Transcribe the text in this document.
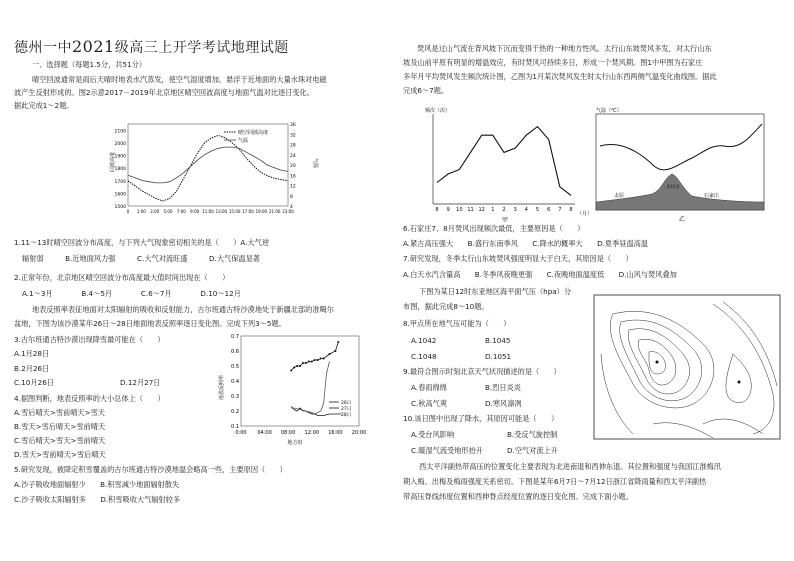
德州一中2021级高三上开学考试地理试题
一、选择题（每题1.5分，共51分）
晴空回波通常是雨后天晴时地表水汽蒸发，使空气湿度增加，悬浮于近地面的大量水珠对电磁
波产生反射形成的。图2示意2017－2019年北京地区晴空回波高度与地面气温对比逐日变化。
据此完成1～2题。
1500
1600
1700
1800
1900
2000
2100
4
8
12
16
20
24
28
32
36
0 1:00 3:00 5:00 7:00 9:00 11:00 13:00 15:00 17:00 19:00 21:00 23:00
晴空回波高度
气温
回波高度	气温
1.11～13时晴空回波分布高度，与下列大气现象密切相关的是（　　）A.大气逆
辐射弱　　　B.近地面风力强　　　C.大气对流旺盛　　　D.大气保温显著
2.正常年份，北京地区晴空回波分布高度最大值时间出现在（　　）
A.1～3月　　　　B.4～5月　　　　C.6～7月　　　　D.10～12月
地表反照率表征地面对太阳辐射的吸收和反射能力，古尔班通古特沙漠地处于新疆北部的准噶尔
盆地，下图为该沙漠某年26日～28日地面地表反照率逐日变化图。完成下列3～5题。
3.古尔班通古特沙漠出现降雪最可能在（　　）
A.1月28日
B.2月26日
C.10月26日	D.12月27日
4.据图判断，地表反照率的大小总体上（　　）
A.雪后晴天>雪前晴天>雪天
B.雪天>雪后晴天>雪前晴天
C.雪后晴天>雪天>雪前晴天
D.雪天>雪前晴天>雪后晴天
0.1
0.2
0.3
0.4
0.5
0.6
0.7
0:00 04:00 08:00 12:00 16:00 20:00
26日
27日
28日
地表反照率
地方时
5.研究发现，被降定积雪覆盖的古尔班通古特沙漠地温会略高一些，主要原因（　　）
A.沙子吸收地面辐射少　　B.积雪减少地面辐射散失
C.沙子吸收太阳辐射多　　D.积雪吸收大气辐射较多
焚风是过山气流在背风坡下沉而变得干热的一种地方性风。太行山东坡焚风多发，对太行山东
坡及山前平原有明显的增温效应，有时焚风可持续多日，形成一个焚风期。图1中甲图为石家庄
多年月平均焚风发生频次统计图，乙图为1月某次焚风发生时太行山东西两侧气温变化曲线图。据此
完成6～7题。
频次（次）
8 9 10 11 12 1 2 3 4 5 6 7 8
（月）
甲
气温（℃）
太原
太行山
石家庄
乙
6.石家庄7、8月焚风出现频次最低，主要原因是（　　）
A.紧古高压强大　　B.盛行东南季风　　C.降水的概率大　　D.夏季昼温高温
7.研究发现，冬季太行山东坡焚风强度明显大于白天，其原因是（　　）
A.白天水汽含量高　　B.冬季风夜晚更强　　C.夜晚地面温度低　　D.山风与焚风叠加
下图为某日12时东亚地区海平面气压（hpa）分
布图，据此完成8～10题。
8.甲点所在地气压可能为（　　）
A.1042	B.1045
C.1048	D.1051
9.最符合图示时刻北京天气状况描述的是（　　）
A.春雨绵绵	B.烈日炎炎
C.秋高气爽	D.寒风凛冽
10.该日图中出现了降水，其原因可能是（　　）
A.受台风影响	B.受反气旋控制
C.暖湿气流受地形抬升	D.空气对流上升
西太平洋副热带高压的位置变化主要表现为北进南退和西伸东退。其位置和强度与我国江淮梅汛
期入梅、出梅及梅雨强度关系密切。下图是某年6月7日～7月12日浙江省降雨量和西太平洋副热
带高压脊线纬度位置和西伸脊点经度位置的逐日变化图。完成下面小题。
